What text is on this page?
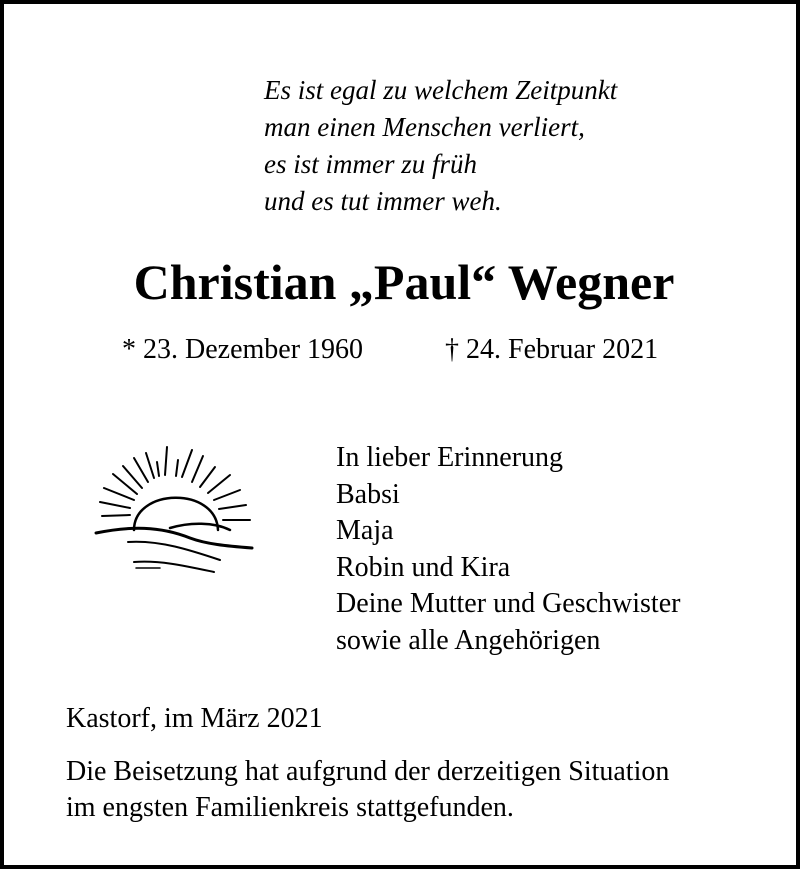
Es ist egal zu welchem Zeitpunkt
man einen Menschen verliert,
es ist immer zu früh
und es tut immer weh.
Christian „Paul“ Wegner
* 23. Dezember 1960	† 24. Februar 2021
In lieber Erinnerung
Babsi
Maja
Robin und Kira
Deine Mutter und Geschwister
sowie alle Angehörigen
Kastorf, im März 2021
Die Beisetzung hat aufgrund der derzeitigen Situation
im engsten Familienkreis stattgefunden.
